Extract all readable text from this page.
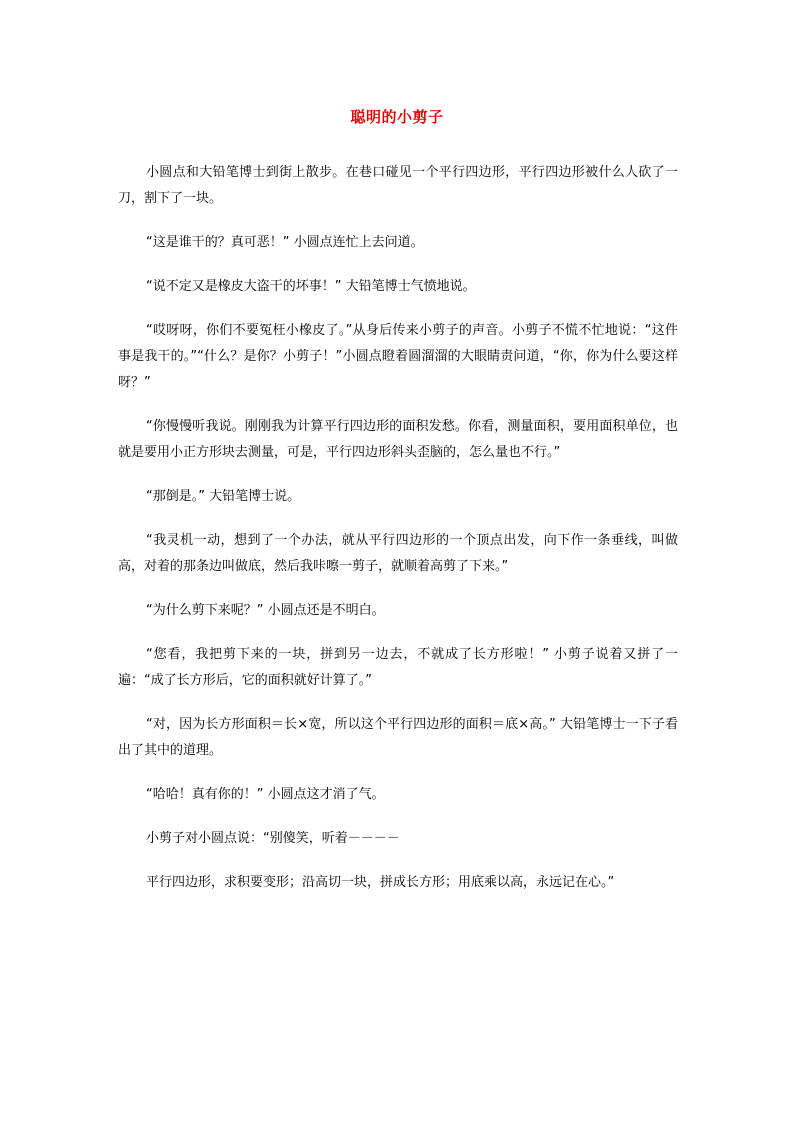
聪明的小剪子

小圆点和大铅笔博士到街上散步。在巷口碰见一个平行四边形，平行四边形被什么人砍了一刀，割下了一块。

“这是谁干的？真可恶！” 小圆点连忙上去问道。

“说不定又是橡皮大盗干的坏事！” 大铅笔博士气愤地说。

“哎呀呀，你们不要冤枉小橡皮了。”从身后传来小剪子的声音。小剪子不慌不忙地说：“这件事是我干的。”“什么？是你？小剪子！”小圆点瞪着圆溜溜的大眼睛责问道，“你，你为什么要这样呀？”

“你慢慢听我说。刚刚我为计算平行四边形的面积发愁。你看，测量面积，要用面积单位，也就是要用小正方形块去测量，可是，平行四边形斜头歪脑的，怎么量也不行。”

“那倒是。” 大铅笔博士说。

“我灵机一动，想到了一个办法，就从平行四边形的一个顶点出发，向下作一条垂线，叫做高，对着的那条边叫做底，然后我咔嚓一剪子，就顺着高剪了下来。”

“为什么剪下来呢？” 小圆点还是不明白。

“您看，我把剪下来的一块，拼到另一边去，不就成了长方形啦！” 小剪子说着又拼了一遍：“成了长方形后，它的面积就好计算了。”

“对，因为长方形面积＝长×宽，所以这个平行四边形的面积＝底×高。” 大铅笔博士一下子看出了其中的道理。

“哈哈！真有你的！” 小圆点这才消了气。

小剪子对小圆点说：“别傻笑，听着－－－－

平行四边形，求积要变形；沿高切一块，拼成长方形；用底乘以高，永远记在心。”
